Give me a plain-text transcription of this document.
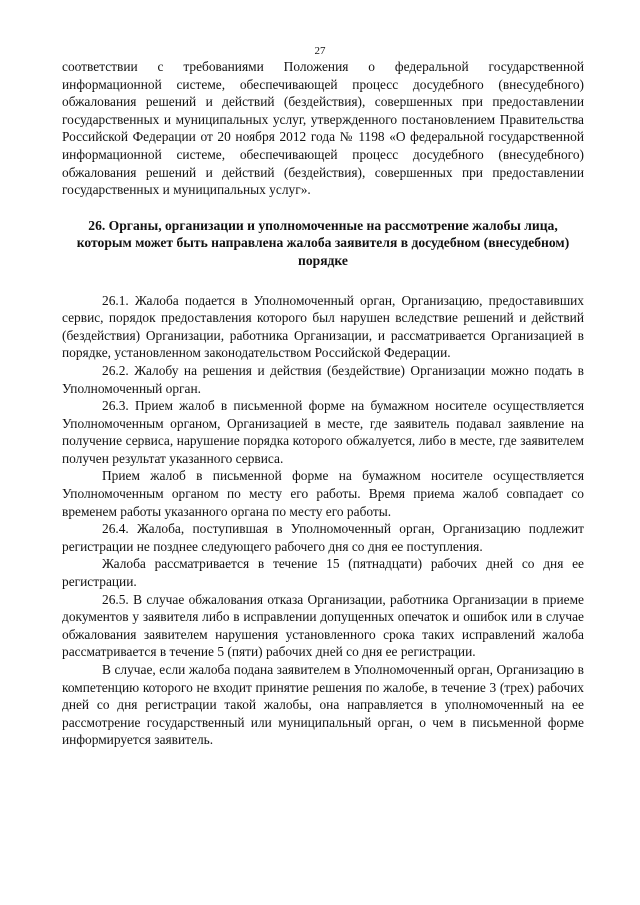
27

соответствии с требованиями Положения о федеральной государственной информационной системе, обеспечивающей процесс досудебного (внесудебного) обжалования решений и действий (бездействия), совершенных при предоставлении государственных и муниципальных услуг, утвержденного постановлением Правительства Российской Федерации от 20 ноября 2012 года № 1198 «О федеральной государственной информационной системе, обеспечивающей процесс досудебного (внесудебного) обжалования решений и действий (бездействия), совершенных при предоставлении государственных и муниципальных услуг».

26. Органы, организации и уполномоченные на рассмотрение жалобы лица, которым может быть направлена жалоба заявителя в досудебном (внесудебном) порядке

26.1. Жалоба подается в Уполномоченный орган, Организацию, предоставивших сервис, порядок предоставления которого был нарушен вследствие решений и действий (бездействия) Организации, работника Организации, и рассматривается Организацией в порядке, установленном законодательством Российской Федерации.

26.2. Жалобу на решения и действия (бездействие) Организации можно подать в Уполномоченный орган.

26.3. Прием жалоб в письменной форме на бумажном носителе осуществляется Уполномоченным органом, Организацией в месте, где заявитель подавал заявление на получение сервиса, нарушение порядка которого обжалуется, либо в месте, где заявителем получен результат указанного сервиса.

Прием жалоб в письменной форме на бумажном носителе осуществляется Уполномоченным органом по месту его работы. Время приема жалоб совпадает со временем работы указанного органа по месту его работы.

26.4. Жалоба, поступившая в Уполномоченный орган, Организацию подлежит регистрации не позднее следующего рабочего дня со дня ее поступления.

Жалоба рассматривается в течение 15 (пятнадцати) рабочих дней со дня ее регистрации.

26.5. В случае обжалования отказа Организации, работника Организации в приеме документов у заявителя либо в исправлении допущенных опечаток и ошибок или в случае обжалования заявителем нарушения установленного срока таких исправлений жалоба рассматривается в течение 5 (пяти) рабочих дней со дня ее регистрации.

В случае, если жалоба подана заявителем в Уполномоченный орган, Организацию в компетенцию которого не входит принятие решения по жалобе, в течение 3 (трех) рабочих дней со дня регистрации такой жалобы, она направляется в уполномоченный на ее рассмотрение государственный или муниципальный орган, о чем в письменной форме информируется заявитель.
